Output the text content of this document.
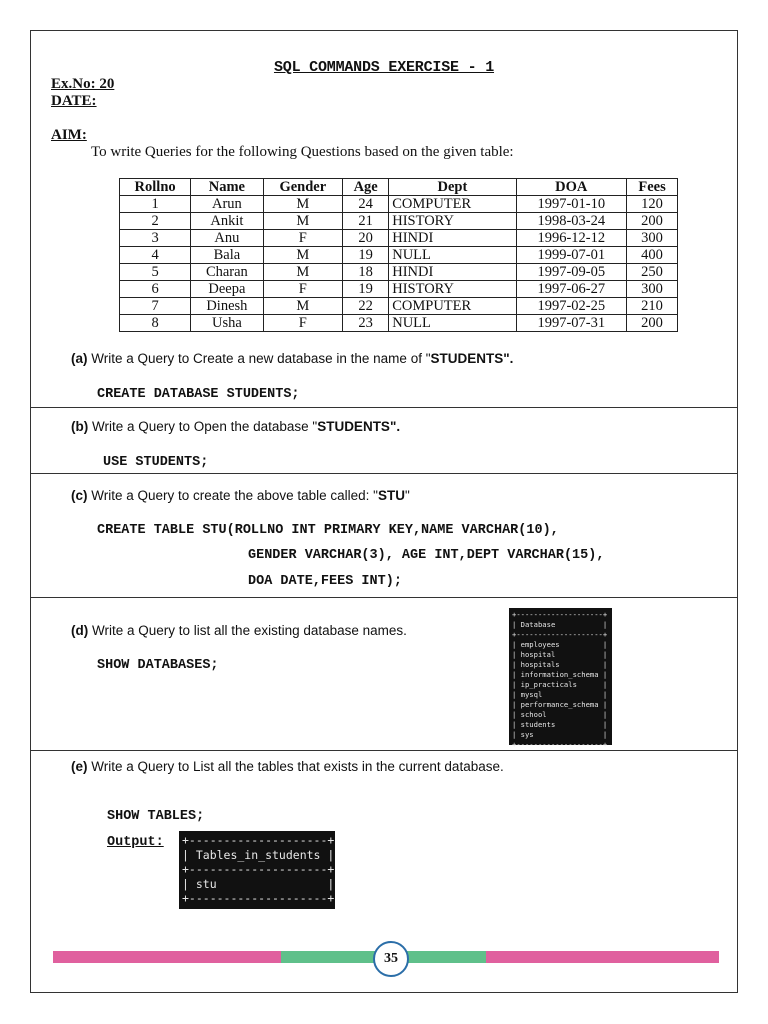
SQL COMMANDS EXERCISE - 1
Ex.No: 20
DATE:
AIM:
To write Queries for the following Questions based on the given table:
Rollno	Name	Gender	Age	Dept	DOA	Fees
1	Arun	M	24	COMPUTER	1997-01-10	120
2	Ankit	M	21	HISTORY	1998-03-24	200
3	Anu	F	20	HINDI	1996-12-12	300
4	Bala	M	19	NULL	1999-07-01	400
5	Charan	M	18	HINDI	1997-09-05	250
6	Deepa	F	19	HISTORY	1997-06-27	300
7	Dinesh	M	22	COMPUTER	1997-02-25	210
8	Usha	F	23	NULL	1997-07-31	200
(a) Write a Query to Create a new database in the name of "STUDENTS".
CREATE DATABASE STUDENTS;
(b) Write a Query to Open the database "STUDENTS".
USE STUDENTS;
(c) Write a Query to create the above table called: "STU"
CREATE TABLE STU(ROLLNO INT PRIMARY KEY,NAME VARCHAR(10),
GENDER VARCHAR(3), AGE INT,DEPT VARCHAR(15),
DOA DATE,FEES INT);
(d) Write a Query to list all the existing database names.
SHOW DATABASES;
+--------------------+
| Database           |
+--------------------+
| employees          |
| hospital           |
| hospitals          |
| information_schema |
| ip_practicals      |
| mysql              |
| performance_schema |
| school             |
| students           |
| sys                |
+--------------------+
(e) Write a Query to List all the tables that exists in the current database.
SHOW TABLES;
Output: +--------------------+
| Tables_in_students |
+--------------------+
| stu                |
+--------------------+
35
